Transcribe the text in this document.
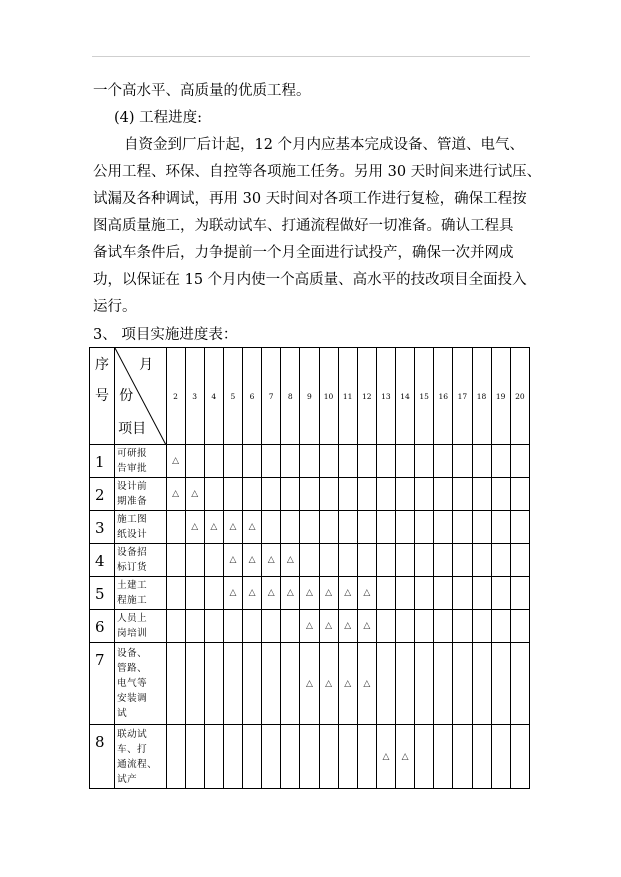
一个高水平、高质量的优质工程。
(4) 工程进度:
自资金到厂后计起，12 个月内应基本完成设备、管道、电气、
公用工程、环保、自控等各项施工任务。另用 30 天时间来进行试压、
试漏及各种调试，再用 30 天时间对各项工作进行复检，确保工程按
图高质量施工，为联动试车、打通流程做好一切准备。确认工程具
备试车条件后，力争提前一个月全面进行试投产，确保一次并网成
功，以保证在 15 个月内使一个高质量、高水平的技改项目全面投入
运行。
3、 项目实施进度表：
序
号	月
份
项目	2	3	4	5	6	7	8	9	10	11	12	13	14	15	16	17	18	19	20
1	可研报
告审批	△																		
2	设计前
期准备	△	△																	
3	施工图
纸设计		△	△	△	△														
4	设备招
标订货				△	△	△	△												
5	土建工
程施工				△	△	△	△	△	△	△	△								
6	人员上
岗培训								△	△	△	△								
7	设备、
管路、
电气等
安装调
试								△	△	△	△								
8	联动试
车、打
通流程、
试产												△	△						
